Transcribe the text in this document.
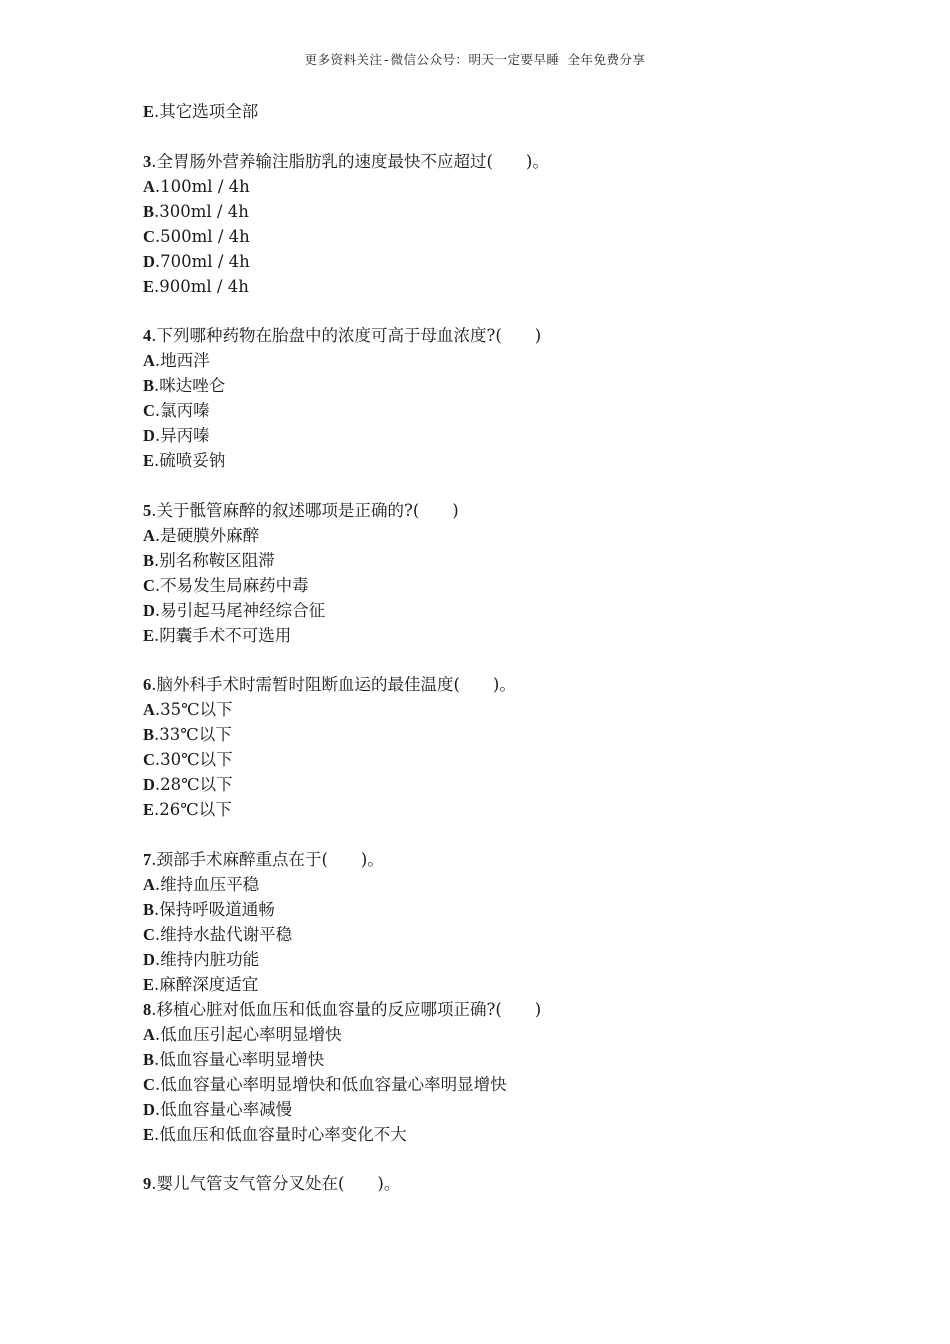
更多资料关注-微信公众号：明天一定要早睡 全年免费分享
E.其它选项全部
3.全胃肠外营养输注脂肪乳的速度最快不应超过(　　)。
A.100ml / 4h
B.300ml / 4h
C.500ml / 4h
D.700ml / 4h
E.900ml / 4h
4.下列哪种药物在胎盘中的浓度可高于母血浓度?(　　)
A.地西泮
B.咪达唑仑
C.氯丙嗪
D.异丙嗪
E.硫喷妥钠
5.关于骶管麻醉的叙述哪项是正确的?(　　)
A.是硬膜外麻醉
B.别名称鞍区阻滞
C.不易发生局麻药中毒
D.易引起马尾神经综合征
E.阴囊手术不可选用
6.脑外科手术时需暂时阻断血运的最佳温度(　　)。
A.35℃以下
B.33℃以下
C.30℃以下
D.28℃以下
E.26℃以下
7.颈部手术麻醉重点在于(　　)。
A.维持血压平稳
B.保持呼吸道通畅
C.维持水盐代谢平稳
D.维持内脏功能
E.麻醉深度适宜
8.移植心脏对低血压和低血容量的反应哪项正确?(　　)
A.低血压引起心率明显增快
B.低血容量心率明显增快
C.低血容量心率明显增快和低血容量心率明显增快
D.低血容量心率减慢
E.低血压和低血容量时心率变化不大
9.婴儿气管支气管分叉处在(　　)。
